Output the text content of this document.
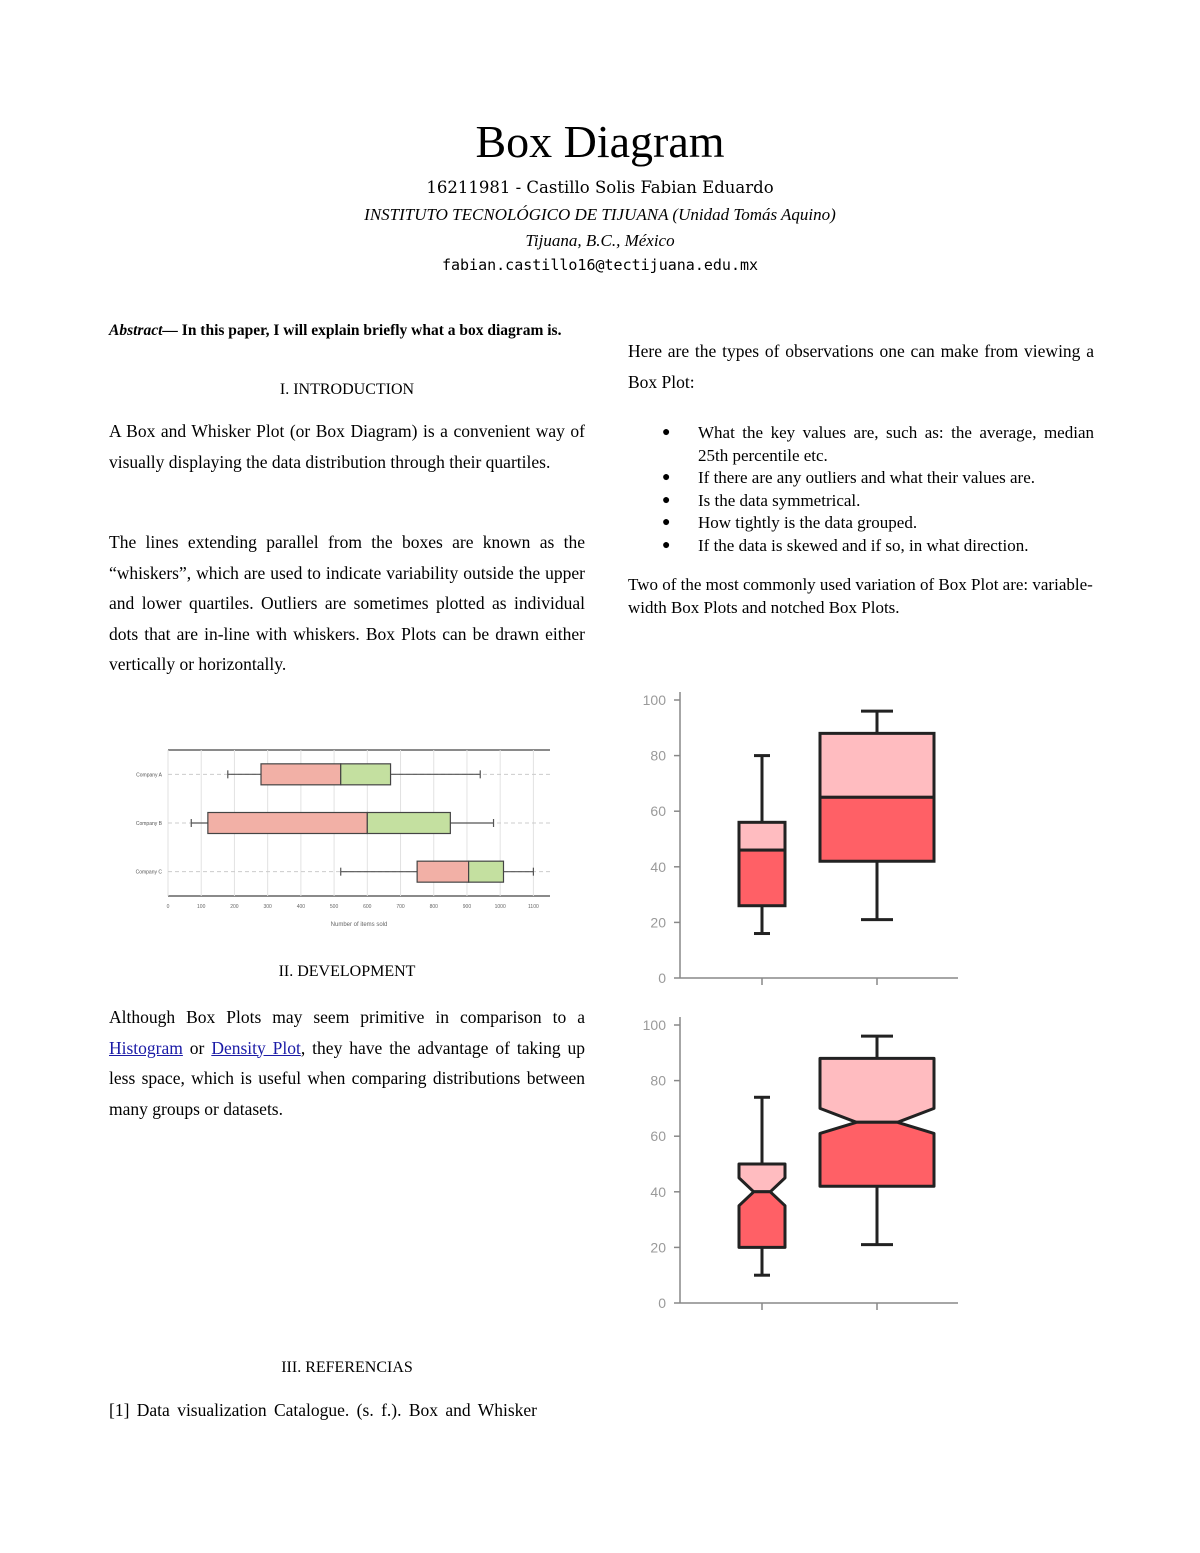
Box Diagram
16211981 - Castillo Solis Fabian Eduardo
INSTITUTO TECNOLÓGICO DE TIJUANA (Unidad Tomás Aquino)
Tijuana, B.C., México
fabian.castillo16@tectijuana.edu.mx
Abstract— In this paper, I will explain briefly what a box diagram is.
I. INTRODUCTION

A Box and Whisker Plot (or Box Diagram) is a convenient way of visually displaying the data distribution through their quartiles.

The lines extending parallel from the boxes are known as the “whiskers”, which are used to indicate variability outside the upper and lower quartiles. Outliers are sometimes plotted as individual dots that are in-line with whiskers. Box Plots can be drawn either vertically or horizontally.

0	100	200	300	400	500	600	700	800	900	1000	1100
Company A
Company B
Company C
Number of items sold
II. DEVELOPMENT

Although Box Plots may seem primitive in comparison to a Histogram or Density Plot, they have the advantage of taking up less space, which is useful when comparing distributions between many groups or datasets.

III. REFERENCIAS

[1] Data visualization Catalogue. (s. f.). Box and Whisker

Here are the types of observations one can make from viewing a Box Plot:

● What the key values are, such as: the average, median 25th percentile etc.
● If there are any outliers and what their values are.
● Is the data symmetrical.
● How tightly is the data grouped.
● If the data is skewed and if so, in what direction.

Two of the most commonly used variation of Box Plot are: variable-width Box Plots and notched Box Plots.

0
20
40
60
80
100
0
20
40
60
80
100
